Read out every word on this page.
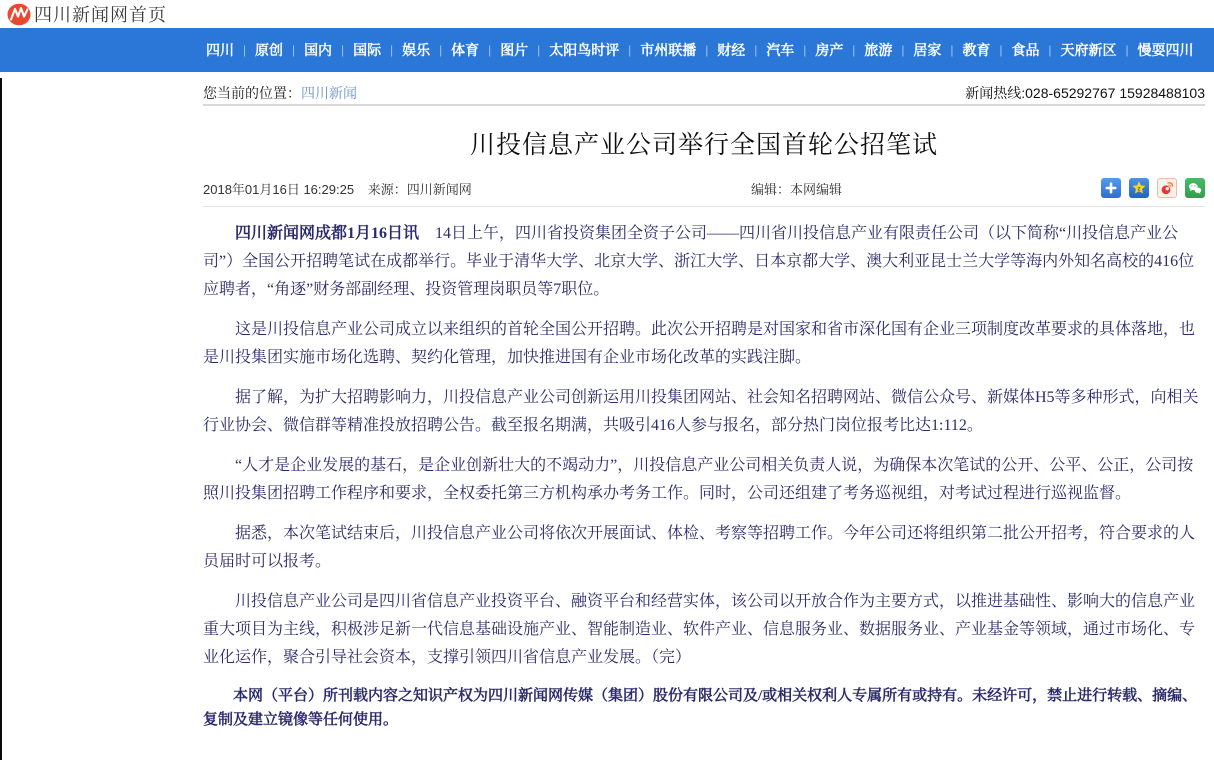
四川新闻网首页
四川 | 原创 | 国内 | 国际 | 娱乐 | 体育 | 图片 | 太阳鸟时评 | 市州联播 | 财经 | 汽车 | 房产 | 旅游 | 居家 | 教育 | 食品 | 天府新区 | 慢耍四川
您当前的位置：四川新闻	新闻热线:028-65292767 15928488103
川投信息产业公司举行全国首轮公招笔试
2018年01月16日 16:29:25 来源：四川新闻网	编辑：本网编辑	z

四川新闻网成都1月16日讯　14日上午，四川省投资集团全资子公司——四川省川投信息产业有限责任公司（以下简称“川投信息产业公司”）全国公开招聘笔试在成都举行。毕业于清华大学、北京大学、浙江大学、日本京都大学、澳大利亚昆士兰大学等海内外知名高校的416位应聘者，“角逐”财务部副经理、投资管理岗职员等7职位。

这是川投信息产业公司成立以来组织的首轮全国公开招聘。此次公开招聘是对国家和省市深化国有企业三项制度改革要求的具体落地，也是川投集团实施市场化选聘、契约化管理，加快推进国有企业市场化改革的实践注脚。

据了解，为扩大招聘影响力，川投信息产业公司创新运用川投集团网站、社会知名招聘网站、微信公众号、新媒体H5等多种形式，向相关行业协会、微信群等精准投放招聘公告。截至报名期满，共吸引416人参与报名，部分热门岗位报考比达1:112。

“人才是企业发展的基石，是企业创新壮大的不竭动力”，川投信息产业公司相关负责人说，为确保本次笔试的公开、公平、公正，公司按照川投集团招聘工作程序和要求，全权委托第三方机构承办考务工作。同时，公司还组建了考务巡视组，对考试过程进行巡视监督。

据悉，本次笔试结束后，川投信息产业公司将依次开展面试、体检、考察等招聘工作。今年公司还将组织第二批公开招考，符合要求的人员届时可以报考。

川投信息产业公司是四川省信息产业投资平台、融资平台和经营实体，该公司以开放合作为主要方式，以推进基础性、影响大的信息产业重大项目为主线，积极涉足新一代信息基础设施产业、智能制造业、软件产业、信息服务业、数据服务业、产业基金等领域，通过市场化、专业化运作，聚合引导社会资本，支撑引领四川省信息产业发展。（完）

本网（平台）所刊载内容之知识产权为四川新闻网传媒（集团）股份有限公司及/或相关权利人专属所有或持有。未经许可，禁止进行转载、摘编、复制及建立镜像等任何使用。
